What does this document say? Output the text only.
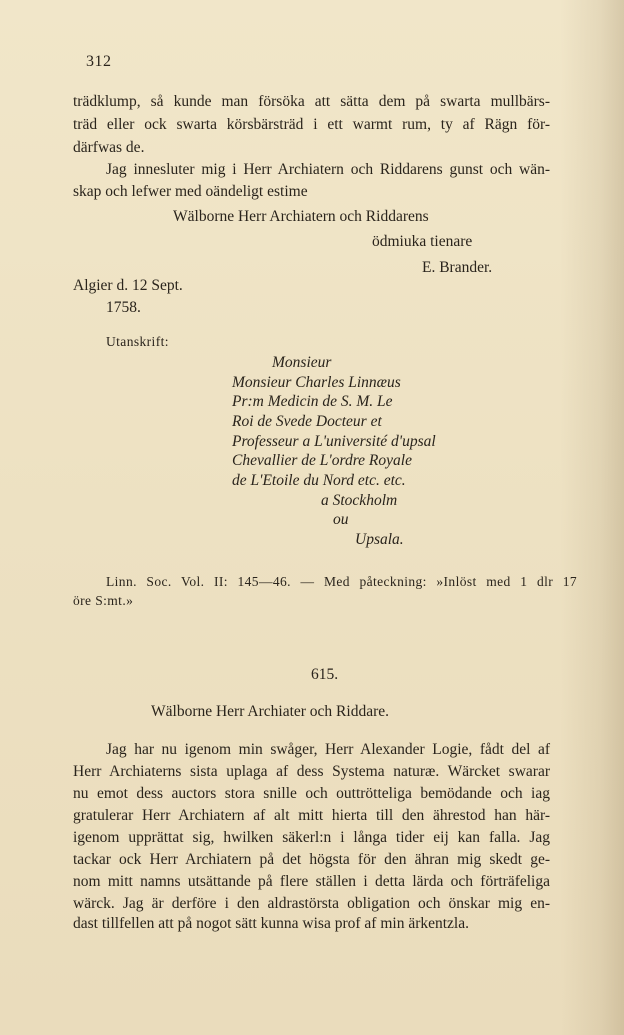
312
trädklump, så kunde man försöka att sätta dem på swarta mullbärs-
träd eller ock swarta körsbärsträd i ett warmt rum, ty af Rägn för-
därfwas de.
Jag innesluter mig i Herr Archiatern och Riddarens gunst och wän-
skap och lefwer med oändeligt estime
Wälborne Herr Archiatern och Riddarens
ödmiuka tienare
E. Brander.
Algier d. 12 Sept.
1758.
Utanskrift:
Monsieur
Monsieur Charles Linnæus
Pr:m Medicin de S. M. Le
Roi de Svede Docteur et
Professeur a L'université d'upsal
Chevallier de L'ordre Royale
de L'Etoile du Nord etc. etc.
a Stockholm
ou
Upsala.
Linn. Soc. Vol. II: 145—46. — Med påteckning: »Inlöst med 1 dlr 17
öre S:mt.»
615.
Wälborne Herr Archiater och Riddare.
Jag har nu igenom min swåger, Herr Alexander Logie, fådt del af
Herr Archiaterns sista uplaga af dess Systema naturæ. Wärcket swarar
nu emot dess auctors stora snille och outtrötteliga bemödande och iag
gratulerar Herr Archiatern af alt mitt hierta till den ährestod han här-
igenom upprättat sig, hwilken säkerl:n i långa tider eij kan falla. Jag
tackar ock Herr Archiatern på det högsta för den ähran mig skedt ge-
nom mitt namns utsättande på flere ställen i detta lärda och förträfeliga
wärck. Jag är derföre i den aldrastörsta obligation och önskar mig en-
dast tillfellen att på nogot sätt kunna wisa prof af min ärkentzla.
